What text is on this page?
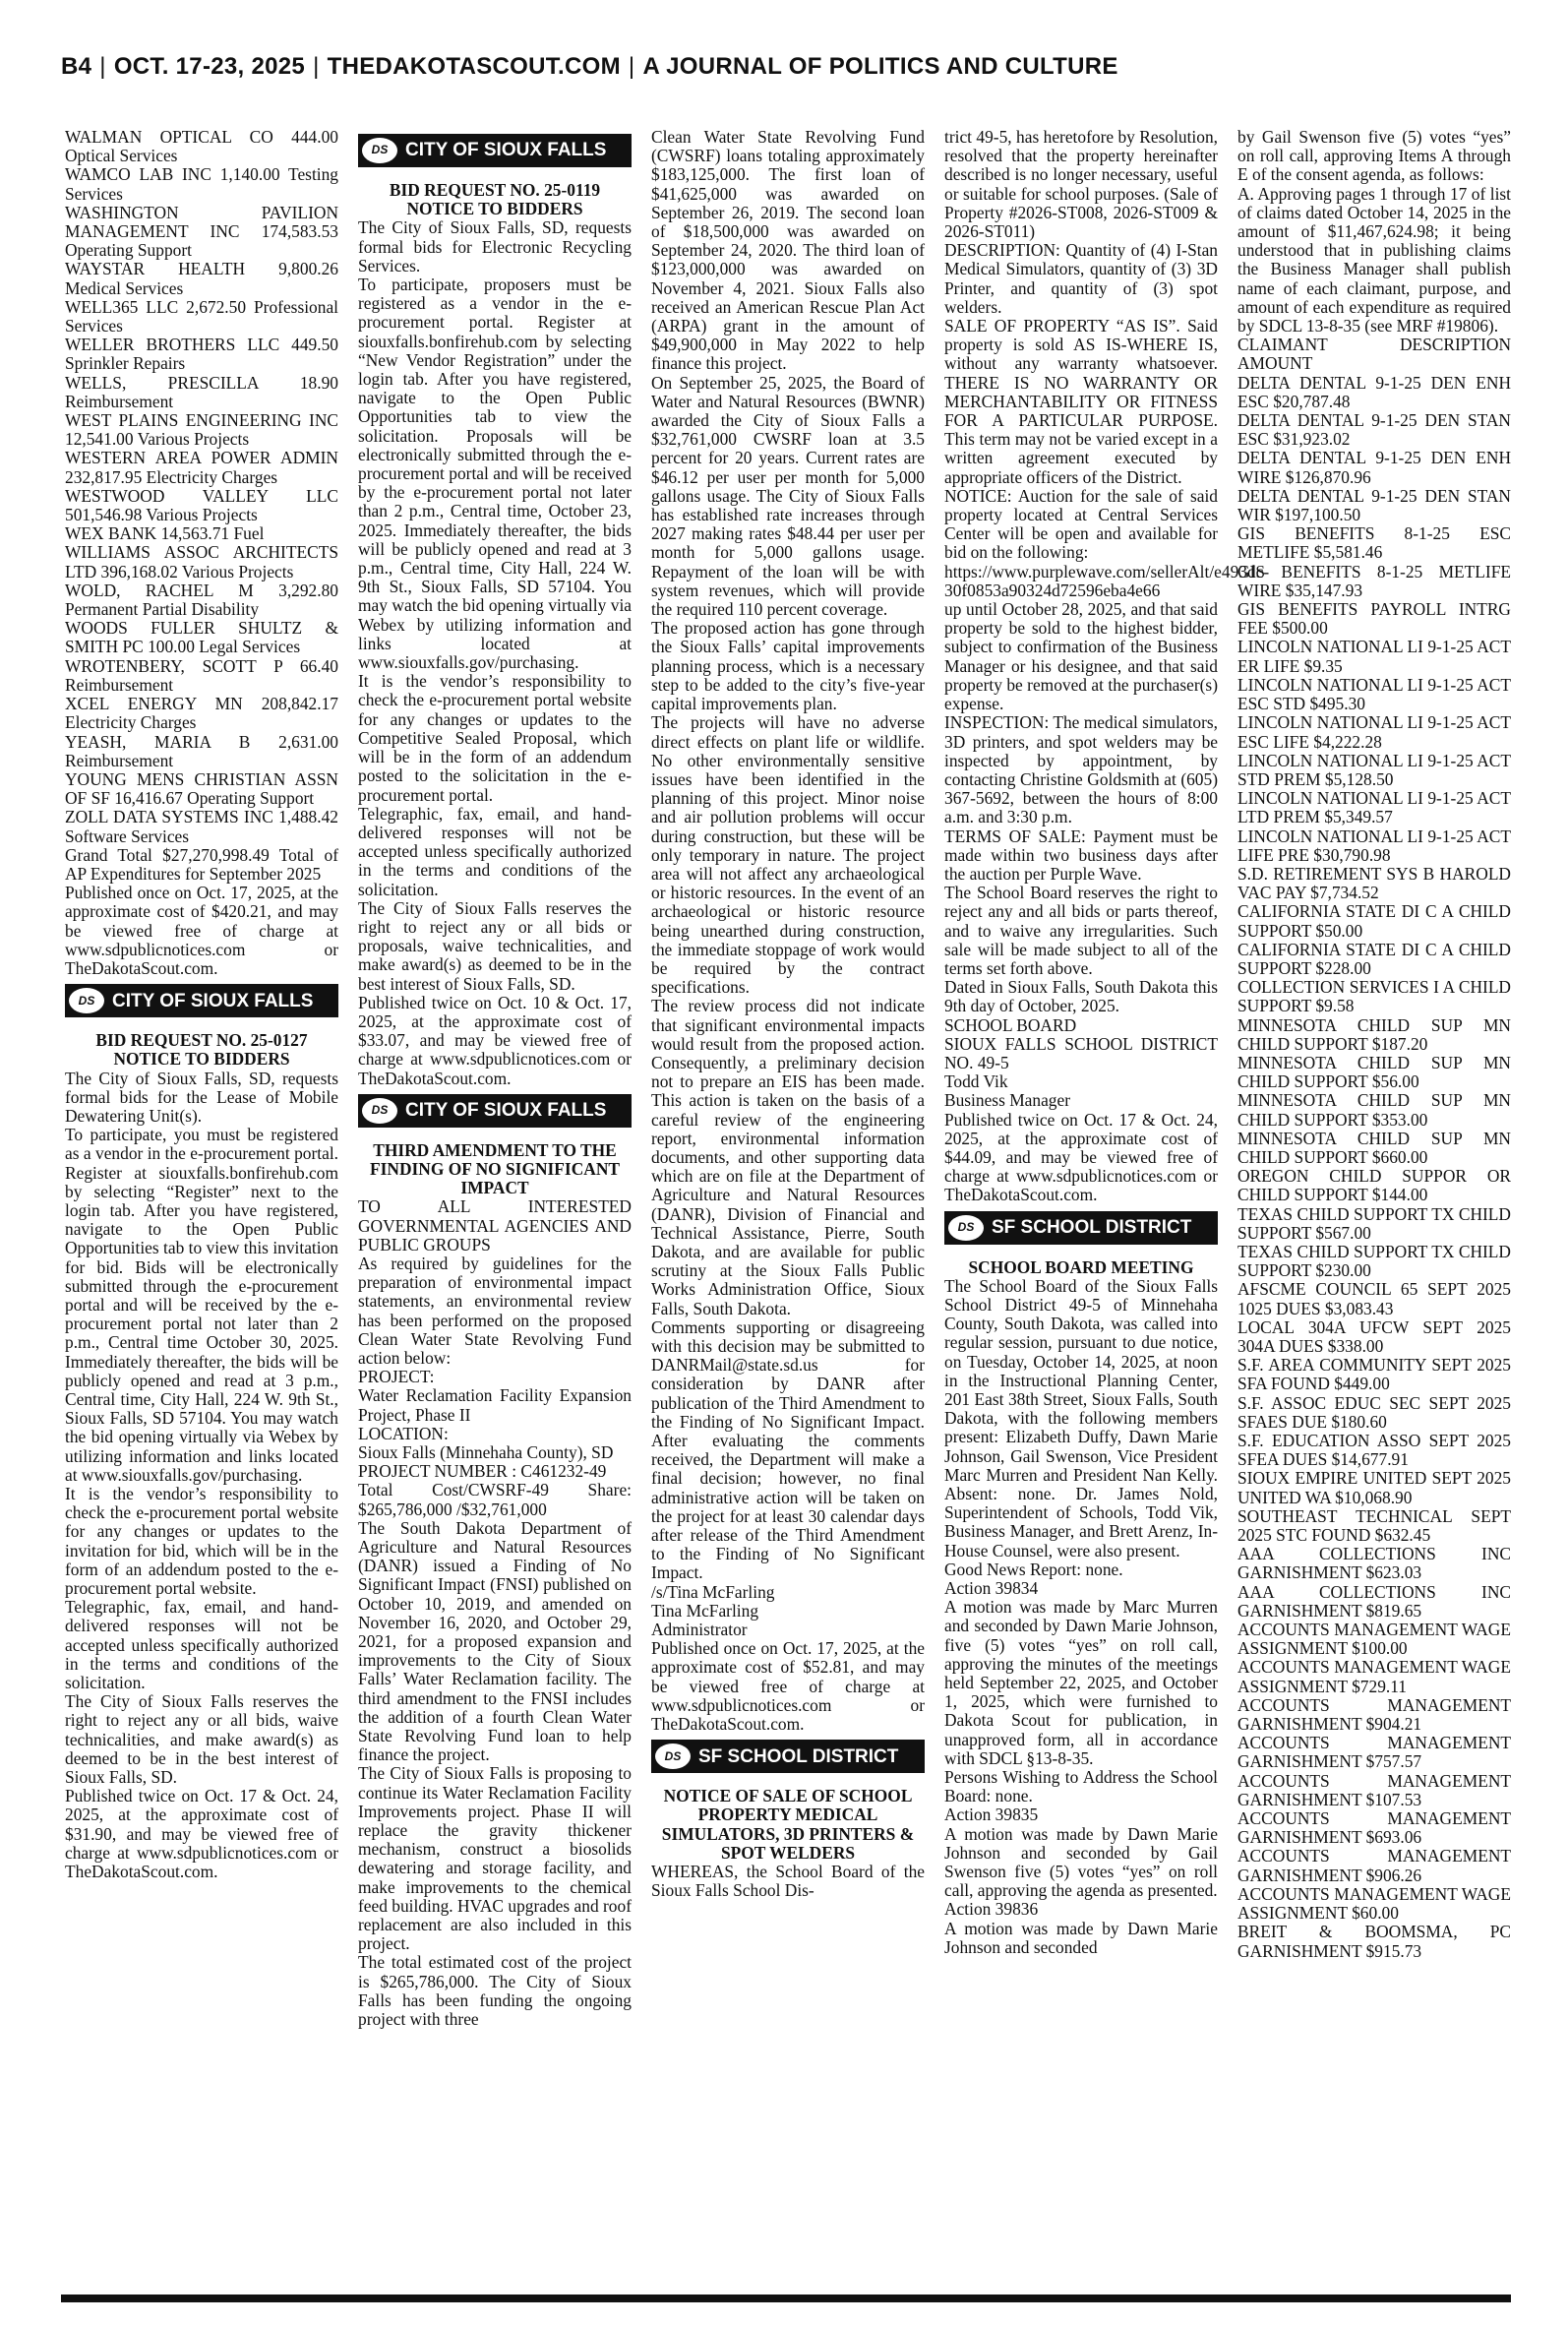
B4 | OCT. 17-23, 2025 | THEDAKOTASCOUT.COM | A JOURNAL OF POLITICS AND CULTURE

WALMAN OPTICAL CO 444.00 Optical Services

WAMCO LAB INC 1,140.00 Testing Services

WASHINGTON PAVILION MANAGEMENT INC 174,583.53 Operating Support

WAYSTAR HEALTH 9,800.26 Medical Services

WELL365 LLC 2,672.50 Professional Services

WELLER BROTHERS LLC 449.50 Sprinkler Repairs

WELLS, PRESCILLA 18.90 Reimbursement

WEST PLAINS ENGINEERING INC 12,541.00 Various Projects

WESTERN AREA POWER ADMIN 232,817.95 Electricity Charges

WESTWOOD VALLEY LLC 501,546.98 Various Projects

WEX BANK 14,563.71 Fuel

WILLIAMS ASSOC ARCHITECTS LTD 396,168.02 Various Projects

WOLD, RACHEL M 3,292.80 Permanent Partial Disability

WOODS FULLER SHULTZ & SMITH PC 100.00 Legal Services

WROTENBERY, SCOTT P 66.40 Reimbursement

XCEL ENERGY MN 208,842.17 Electricity Charges

YEASH, MARIA B 2,631.00 Reimbursement

YOUNG MENS CHRISTIAN ASSN OF SF 16,416.67 Operating Support

ZOLL DATA SYSTEMS INC 1,488.42 Software Services

Grand Total $27,270,998.49 Total of AP Expenditures for September 2025

Published once on Oct. 17, 2025, at the approximate cost of $420.21, and may be viewed free of charge at www.sdpublicnotices.com or TheDakotaScout.com.

DS CITY OF SIOUX FALLS

BID REQUEST NO. 25-0127 NOTICE TO BIDDERS

The City of Sioux Falls, SD, requests formal bids for the Lease of Mobile Dewatering Unit(s).

To participate, you must be registered as a vendor in the e-procurement portal. Register at siouxfalls.bonfirehub.com by selecting “Register” next to the login tab. After you have registered, navigate to the Open Public Opportunities tab to view this invitation for bid. Bids will be electronically submitted through the e-procurement portal and will be received by the e-procurement portal not later than 2 p.m., Central time October 30, 2025. Immediately thereafter, the bids will be publicly opened and read at 3 p.m., Central time, City Hall, 224 W. 9th St., Sioux Falls, SD 57104. You may watch the bid opening virtually via Webex by utilizing information and links located at www.siouxfalls.gov/purchasing.

It is the vendor’s responsibility to check the e-procurement portal website for any changes or updates to the invitation for bid, which will be in the form of an addendum posted to the e-procurement portal website.

Telegraphic, fax, email, and hand-delivered responses will not be accepted unless specifically authorized in the terms and conditions of the solicitation.

The City of Sioux Falls reserves the right to reject any or all bids, waive technicalities, and make award(s) as deemed to be in the best interest of Sioux Falls, SD.

Published twice on Oct. 17 & Oct. 24, 2025, at the approximate cost of $31.90, and may be viewed free of charge at www.sdpublicnotices.com or TheDakotaScout.com.

DS CITY OF SIOUX FALLS

BID REQUEST NO. 25-0119 NOTICE TO BIDDERS

The City of Sioux Falls, SD, requests formal bids for Electronic Recycling Services.

To participate, proposers must be registered as a vendor in the e-procurement portal. Register at siouxfalls.bonfirehub.com by selecting “New Vendor Registration” under the login tab. After you have registered, navigate to the Open Public Opportunities tab to view the solicitation. Proposals will be electronically submitted through the e-procurement portal and will be received by the e-procurement portal not later than 2 p.m., Central time, October 23, 2025. Immediately thereafter, the bids will be publicly opened and read at 3 p.m., Central time, City Hall, 224 W. 9th St., Sioux Falls, SD 57104. You may watch the bid opening virtually via Webex by utilizing information and links located at www.siouxfalls.gov/purchasing.

It is the vendor’s responsibility to check the e-procurement portal website for any changes or updates to the Competitive Sealed Proposal, which will be in the form of an addendum posted to the solicitation in the e-procurement portal.

Telegraphic, fax, email, and hand-delivered responses will not be accepted unless specifically authorized in the terms and conditions of the solicitation.

The City of Sioux Falls reserves the right to reject any or all bids or proposals, waive technicalities, and make award(s) as deemed to be in the best interest of Sioux Falls, SD.

Published twice on Oct. 10 & Oct. 17, 2025, at the approximate cost of $33.07, and may be viewed free of charge at www.sdpublicnotices.com or TheDakotaScout.com.

DS CITY OF SIOUX FALLS

THIRD AMENDMENT TO THE FINDING OF NO SIGNIFICANT IMPACT

TO ALL INTERESTED GOVERNMENTAL AGENCIES AND PUBLIC GROUPS

As required by guidelines for the preparation of environmental impact statements, an environmental review has been performed on the proposed Clean Water State Revolving Fund action below:

PROJECT:

Water Reclamation Facility Expansion Project, Phase II

LOCATION:

Sioux Falls (Minnehaha County), SD

PROJECT NUMBER : C461232-49

Total Cost/CWSRF-49 Share: $265,786,000 /$32,761,000

The South Dakota Department of Agriculture and Natural Resources (DANR) issued a Finding of No Significant Impact (FNSI) published on October 10, 2019, and amended on November 16, 2020, and October 29, 2021, for a proposed expansion and improvements to the City of Sioux Falls’ Water Reclamation facility. The third amendment to the FNSI includes the addition of a fourth Clean Water State Revolving Fund loan to help finance the project.

The City of Sioux Falls is proposing to continue its Water Reclamation Facility Improvements project. Phase II will replace the gravity thickener mechanism, construct a biosolids dewatering and storage facility, and make improvements to the chemical feed building. HVAC upgrades and roof replacement are also included in this project.

The total estimated cost of the project is $265,786,000. The City of Sioux Falls has been funding the ongoing project with three

Clean Water State Revolving Fund (CWSRF) loans totaling approximately $183,125,000. The first loan of $41,625,000 was awarded on September 26, 2019. The second loan of $18,500,000 was awarded on September 24, 2020. The third loan of $123,000,000 was awarded on November 4, 2021. Sioux Falls also received an American Rescue Plan Act (ARPA) grant in the amount of $49,900,000 in May 2022 to help finance this project.

On September 25, 2025, the Board of Water and Natural Resources (BWNR) awarded the City of Sioux Falls a $32,761,000 CWSRF loan at 3.5 percent for 20 years. Current rates are $46.12 per user per month for 5,000 gallons usage. The City of Sioux Falls has established rate increases through 2027 making rates $48.44 per user per month for 5,000 gallons usage. Repayment of the loan will be with system revenues, which will provide the required 110 percent coverage.

The proposed action has gone through the Sioux Falls’ capital improvements planning process, which is a necessary step to be added to the city’s five-year capital improvements plan.

The projects will have no adverse direct effects on plant life or wildlife. No other environmentally sensitive issues have been identified in the planning of this project. Minor noise and air pollution problems will occur during construction, but these will be only temporary in nature. The project area will not affect any archaeological or historic resources. In the event of an archaeological or historic resource being unearthed during construction, the immediate stoppage of work would be required by the contract specifications.

The review process did not indicate that significant environmental impacts would result from the proposed action. Consequently, a preliminary decision not to prepare an EIS has been made. This action is taken on the basis of a careful review of the engineering report, environmental information documents, and other supporting data which are on file at the Department of Agriculture and Natural Resources (DANR), Division of Financial and Technical Assistance, Pierre, South Dakota, and are available for public scrutiny at the Sioux Falls Public Works Administration Office, Sioux Falls, South Dakota.

Comments supporting or disagreeing with this decision may be submitted to DANRMail@state.sd.us for consideration by DANR after publication of the Third Amendment to the Finding of No Significant Impact. After evaluating the comments received, the Department will make a final decision; however, no final administrative action will be taken on the project for at least 30 calendar days after release of the Third Amendment to the Finding of No Significant Impact.

/s/Tina McFarling

Tina McFarling

Administrator

Published once on Oct. 17, 2025, at the approximate cost of $52.81, and may be viewed free of charge at www.sdpublicnotices.com or TheDakotaScout.com.

DS SF SCHOOL DISTRICT

NOTICE OF SALE OF SCHOOL PROPERTY MEDICAL SIMULATORS, 3D PRINTERS & SPOT WELDERS

WHEREAS, the School Board of the Sioux Falls School Dis-

trict 49-5, has heretofore by Resolution, resolved that the property hereinafter described is no longer necessary, useful or suitable for school purposes. (Sale of Property #2026-ST008, 2026-ST009 & 2026-ST011)

DESCRIPTION: Quantity of (4) I-Stan Medical Simulators, quantity of (3) 3D Printer, and quantity of (3) spot welders.

SALE OF PROPERTY “AS IS”. Said property is sold AS IS-WHERE IS, without any warranty whatsoever. THERE IS NO WARRANTY OR MERCHANTABILITY OR FITNESS FOR A PARTICULAR PURPOSE. This term may not be varied except in a written agreement executed by appropriate officers of the District.

NOTICE: Auction for the sale of said property located at Central Services Center will be open and available for bid on the following:

https://www.purplewave.com/sellerAlt/e493dc-30f0853a90324d72596eba4e66

up until October 28, 2025, and that said property be sold to the highest bidder, subject to confirmation of the Business Manager or his designee, and that said property be removed at the purchaser(s) expense.

INSPECTION: The medical simulators, 3D printers, and spot welders may be inspected by appointment, by contacting Christine Goldsmith at (605) 367-5692, between the hours of 8:00 a.m. and 3:30 p.m.

TERMS OF SALE: Payment must be made within two business days after the auction per Purple Wave.

The School Board reserves the right to reject any and all bids or parts thereof, and to waive any irregularities. Such sale will be made subject to all of the terms set forth above.

Dated in Sioux Falls, South Dakota this 9th day of October, 2025.

SCHOOL BOARD

SIOUX FALLS SCHOOL DISTRICT NO. 49-5

Todd Vik

Business Manager

Published twice on Oct. 17 & Oct. 24, 2025, at the approximate cost of $44.09, and may be viewed free of charge at www.sdpublicnotices.com or TheDakotaScout.com.

DS SF SCHOOL DISTRICT

SCHOOL BOARD MEETING

The School Board of the Sioux Falls School District 49-5 of Minnehaha County, South Dakota, was called into regular session, pursuant to due notice, on Tuesday, October 14, 2025, at noon in the Instructional Planning Center, 201 East 38th Street, Sioux Falls, South Dakota, with the following members present: Elizabeth Duffy, Dawn Marie Johnson, Gail Swenson, Vice President Marc Murren and President Nan Kelly. Absent: none. Dr. James Nold, Superintendent of Schools, Todd Vik, Business Manager, and Brett Arenz, In-House Counsel, were also present.

Good News Report: none.

Action 39834

A motion was made by Marc Murren and seconded by Dawn Marie Johnson, five (5) votes “yes” on roll call, approving the minutes of the meetings held September 22, 2025, and October 1, 2025, which were furnished to Dakota Scout for publication, in unapproved form, all in accordance with SDCL §13-8-35.

Persons Wishing to Address the School Board: none.

Action 39835

A motion was made by Dawn Marie Johnson and seconded by Gail Swenson five (5) votes “yes” on roll call, approving the agenda as presented.

Action 39836

A motion was made by Dawn Marie Johnson and seconded

by Gail Swenson five (5) votes “yes” on roll call, approving Items A through E of the consent agenda, as follows:

A. Approving pages 1 through 17 of list of claims dated October 14, 2025 in the amount of $11,467,624.98; it being understood that in publishing claims the Business Manager shall publish name of each claimant, purpose, and amount of each expenditure as required by SDCL 13-8-35 (see MRF #19806).

CLAIMANT DESCRIPTION AMOUNT

DELTA DENTAL 9-1-25 DEN ENH ESC $20,787.48

DELTA DENTAL 9-1-25 DEN STAN ESC $31,923.02

DELTA DENTAL 9-1-25 DEN ENH WIRE $126,870.96

DELTA DENTAL 9-1-25 DEN STAN WIR $197,100.50

GIS BENEFITS 8-1-25 ESC METLIFE $5,581.46

GIS BENEFITS 8-1-25 METLIFE WIRE $35,147.93

GIS BENEFITS PAYROLL INTRG FEE $500.00

LINCOLN NATIONAL LI 9-1-25 ACT ER LIFE $9.35

LINCOLN NATIONAL LI 9-1-25 ACT ESC STD $495.30

LINCOLN NATIONAL LI 9-1-25 ACT ESC LIFE $4,222.28

LINCOLN NATIONAL LI 9-1-25 ACT STD PREM $5,128.50

LINCOLN NATIONAL LI 9-1-25 ACT LTD PREM $5,349.57

LINCOLN NATIONAL LI 9-1-25 ACT LIFE PRE $30,790.98

S.D. RETIREMENT SYS B HAROLD VAC PAY $7,734.52

CALIFORNIA STATE DI C A CHILD SUPPORT $50.00

CALIFORNIA STATE DI C A CHILD SUPPORT $228.00

COLLECTION SERVICES I A CHILD SUPPORT $9.58

MINNESOTA CHILD SUP MN CHILD SUPPORT $187.20

MINNESOTA CHILD SUP MN CHILD SUPPORT $56.00

MINNESOTA CHILD SUP MN CHILD SUPPORT $353.00

MINNESOTA CHILD SUP MN CHILD SUPPORT $660.00

OREGON CHILD SUPPOR OR CHILD SUPPORT $144.00

TEXAS CHILD SUPPORT TX CHILD SUPPORT $567.00

TEXAS CHILD SUPPORT TX CHILD SUPPORT $230.00

AFSCME COUNCIL 65 SEPT 2025 1025 DUES $3,083.43

LOCAL 304A UFCW SEPT 2025 304A DUES $338.00

S.F. AREA COMMUNITY SEPT 2025 SFA FOUND $449.00

S.F. ASSOC EDUC SEC SEPT 2025 SFAES DUE $180.60

S.F. EDUCATION ASSO SEPT 2025 SFEA DUES $14,677.91

SIOUX EMPIRE UNITED SEPT 2025 UNITED WA $10,068.90

SOUTHEAST TECHNICAL SEPT 2025 STC FOUND $632.45

AAA COLLECTIONS INC GARNISHMENT $623.03

AAA COLLECTIONS INC GARNISHMENT $819.65

ACCOUNTS MANAGEMENT WAGE ASSIGNMENT $100.00

ACCOUNTS MANAGEMENT WAGE ASSIGNMENT $729.11

ACCOUNTS MANAGEMENT GARNISHMENT $904.21

ACCOUNTS MANAGEMENT GARNISHMENT $757.57

ACCOUNTS MANAGEMENT GARNISHMENT $107.53

ACCOUNTS MANAGEMENT GARNISHMENT $693.06

ACCOUNTS MANAGEMENT GARNISHMENT $906.26

ACCOUNTS MANAGEMENT WAGE ASSIGNMENT $60.00

BREIT & BOOMSMA, PC GARNISHMENT $915.73
